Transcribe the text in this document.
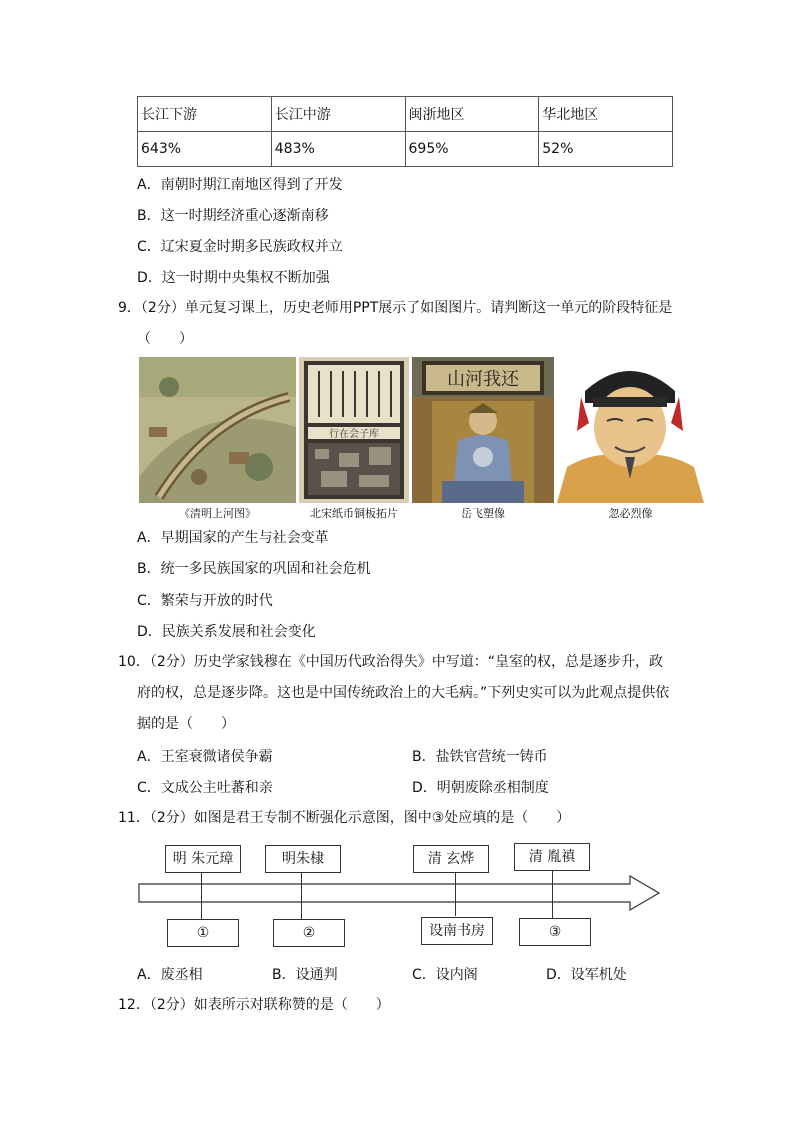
长江下游	长江中游	闽浙地区	华北地区
643%	483%	695%	52%
A．南朝时期江南地区得到了开发
B．这一时期经济重心逐渐南移
C．辽宋夏金时期多民族政权并立
D．这一时期中央集权不断加强
9．（2分）单元复习课上，历史老师用PPT展示了如图图片。请判断这一单元的阶段特征是
（　　）
行在会子库
山河我还
《清明上河图》	北宋纸币铜板拓片	岳飞塑像	忽必烈像
A．早期国家的产生与社会变革
B．统一多民族国家的巩固和社会危机
C．繁荣与开放的时代
D．民族关系发展和社会变化
10．（2分）历史学家钱穆在《中国历代政治得失》中写道：“皇室的权，总是逐步升，政
府的权，总是逐步降。这也是中国传统政治上的大毛病。”下列史实可以为此观点提供依
据的是（　　）
A．王室衰微诸侯争霸	B．盐铁官营统一铸币
C．文成公主吐蕃和亲	D．明朝废除丞相制度
11．（2分）如图是君王专制不断强化示意图，图中③处应填的是（　　）
明 朱元璋	明朱棣	清 玄烨	清 胤禛
①	②	设南书房	③
A．废丞相	B．设通判	C．设内阁	D．设军机处
12．（2分）如表所示对联称赞的是（　　）
